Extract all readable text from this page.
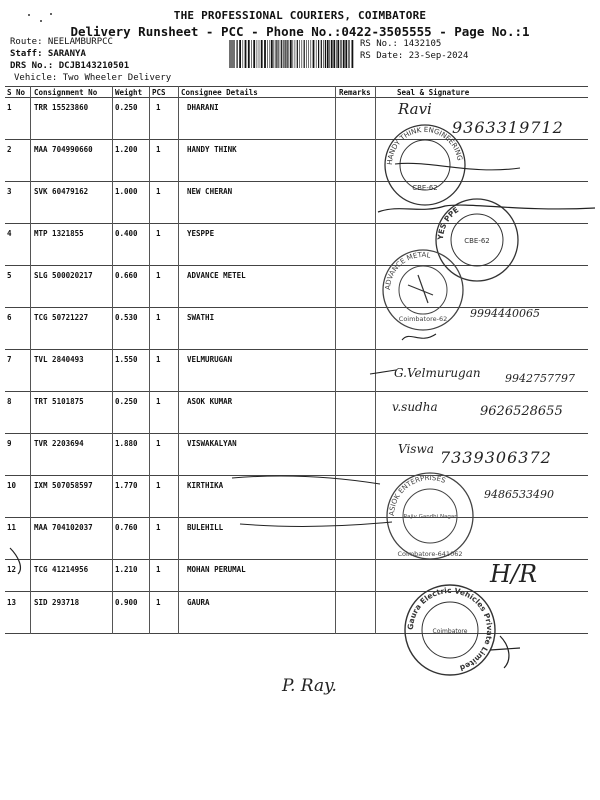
THE PROFESSIONAL COURIERS, COIMBATORE
Delivery Runsheet - PCC - Phone No.:0422-3505555 - Page No.:1
Route: NEELAMBURPCC
Staff: SARANYA
DRS No.: DCJB143210501
Vehicle: Two Wheeler Delivery
RS No.: 1432105
RS Date: 23-Sep-2024
S No Consignment No Weight PCS Consignee Details	Remarks	Seal & Signature
1	TRR 15523860	0.250 1	DHARANI
2	MAA 704990660	1.200 1	HANDY THINK
3	SVK 60479162	1.000 1	NEW CHERAN
4	MTP 1321855	0.400 1	YESPPE
5	SLG 500020217	0.660 1	ADVANCE METEL
6	TCG 50721227	0.530 1	SWATHI
7	TVL 2840493	1.550 1	VELMURUGAN
8	TRT 5101875	0.250 1	ASOK KUMAR
9	TVR 2203694	1.880 1	VISWAKALYAN
10 IXM 507058597	1.770 1	KIRTHIKA
11 MAA 704102037	0.760 1	BULEHILL
12 TCG 41214956	1.210 1	MOHAN PERUMAL
13 SID 293718	0.900 1	GAURA
HANDY THINK ENGINEERING
CBE-62
YES PPE
CBE-62
ADVANCE METAL
Coimbatore-62
ASIOK ENTERPRISES
Rajiv Gandhi Nagar
Coimbatore-641062
Gaura Electric Vehicles Private Limited
Coimbatore
Ravi
9363319712
9994440065
G.Velmurugan 9942757797
v.sudha	9626528655
Viswa 7339306372
9486533490
H/R
P. Ray.
